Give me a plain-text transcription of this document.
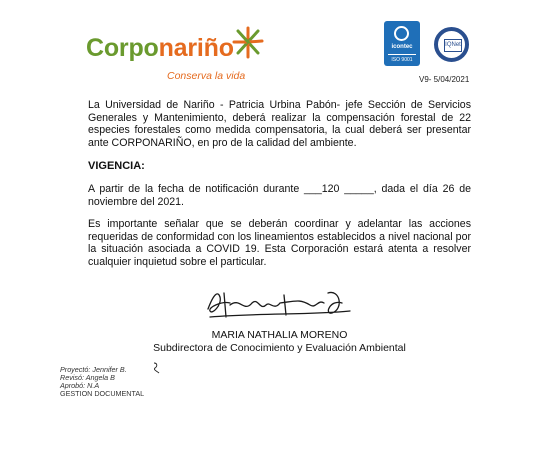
Corponariño
Conserva la vida
icontec
ISO 9001
IQNet
V9- 5/04/2021
La Universidad de Nariño - Patricia Urbina Pabón- jefe Sección de Servicios Generales y Mantenimiento, deberá realizar la compensación forestal de 22 especies forestales como medida compensatoria, la cual deberá ser presentar ante CORPONARIÑO, en pro de la calidad del ambiente.
VIGENCIA:
A partir de la fecha de notificación durante ___120 _____, dada el día 26 de noviembre del 2021.
Es importante señalar que se deberán coordinar y adelantar las acciones requeridas de conformidad con los lineamientos establecidos a nivel nacional por la situación asociada a COVID 19. Esta Corporación estará atenta a resolver cualquier inquietud sobre el particular.
MARIA NATHALIA MORENO
Subdirectora de Conocimiento y Evaluación Ambiental
Proyectó: Jennifer B.
Revisó: Angela B
Aprobó: N.A
GESTION DOCUMENTAL
